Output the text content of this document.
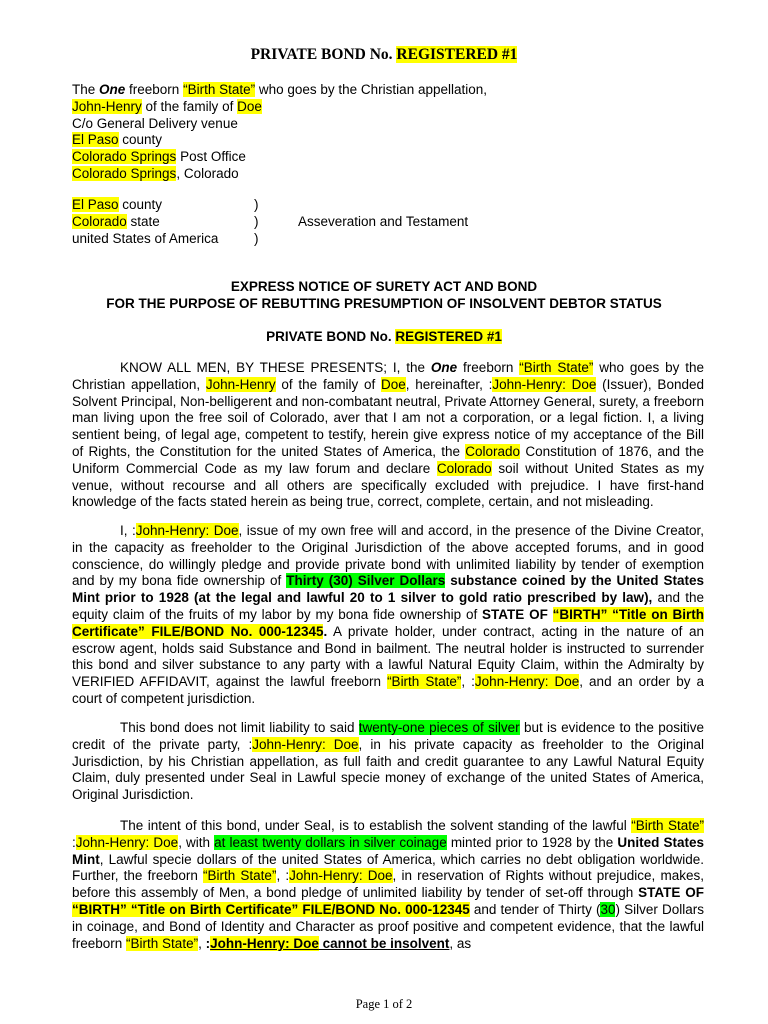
PRIVATE BOND No. REGISTERED #1
The One freeborn “Birth State” who goes by the Christian appellation,
John-Henry of the family of Doe
C/o General Delivery venue
El Paso county
Colorado Springs Post Office
Colorado Springs, Colorado
El Paso county	)
Colorado state	)	Asseveration and Testament
united States of America	)
EXPRESS NOTICE OF SURETY ACT AND BOND
FOR THE PURPOSE OF REBUTTING PRESUMPTION OF INSOLVENT DEBTOR STATUS
PRIVATE BOND No. REGISTERED #1
KNOW ALL MEN, BY THESE PRESENTS; I, the One freeborn “Birth State” who goes by the Christian appellation, John-Henry of the family of Doe, hereinafter, :John-Henry: Doe (Issuer), Bonded Solvent Principal, Non-belligerent and non-combatant neutral, Private Attorney General, surety, a freeborn man living upon the free soil of Colorado, aver that I am not a corporation, or a legal fiction. I, a living sentient being, of legal age, competent to testify, herein give express notice of my acceptance of the Bill of Rights, the Constitution for the united States of America, the Colorado Constitution of 1876, and the Uniform Commercial Code as my law forum and declare Colorado soil without United States as my venue, without recourse and all others are specifically excluded with prejudice. I have first-hand knowledge of the facts stated herein as being true, correct, complete, certain, and not misleading.
I, :John-Henry: Doe, issue of my own free will and accord, in the presence of the Divine Creator, in the capacity as freeholder to the Original Jurisdiction of the above accepted forums, and in good conscience, do willingly pledge and provide private bond with unlimited liability by tender of exemption and by my bona fide ownership of Thirty (30) Silver Dollars substance coined by the United States Mint prior to 1928 (at the legal and lawful 20 to 1 silver to gold ratio prescribed by law), and the equity claim of the fruits of my labor by my bona fide ownership of STATE OF “BIRTH” “Title on Birth Certificate” FILE/BOND No. 000-12345. A private holder, under contract, acting in the nature of an escrow agent, holds said Substance and Bond in bailment. The neutral holder is instructed to surrender this bond and silver substance to any party with a lawful Natural Equity Claim, within the Admiralty by VERIFIED AFFIDAVIT, against the lawful freeborn “Birth State”, :John-Henry: Doe, and an order by a court of competent jurisdiction.
This bond does not limit liability to said twenty-one pieces of silver but is evidence to the positive credit of the private party, :John-Henry: Doe, in his private capacity as freeholder to the Original Jurisdiction, by his Christian appellation, as full faith and credit guarantee to any Lawful Natural Equity Claim, duly presented under Seal in Lawful specie money of exchange of the united States of America, Original Jurisdiction.
The intent of this bond, under Seal, is to establish the solvent standing of the lawful “Birth State” :John-Henry: Doe, with at least twenty dollars in silver coinage minted prior to 1928 by the United States Mint, Lawful specie dollars of the united States of America, which carries no debt obligation worldwide. Further, the freeborn “Birth State”, :John-Henry: Doe, in reservation of Rights without prejudice, makes, before this assembly of Men, a bond pledge of unlimited liability by tender of set-off through STATE OF “BIRTH” “Title on Birth Certificate” FILE/BOND No. 000-12345 and tender of Thirty (30) Silver Dollars in coinage, and Bond of Identity and Character as proof positive and competent evidence, that the lawful freeborn “Birth State”, :John-Henry: Doe cannot be insolvent, as
Page 1 of 2
